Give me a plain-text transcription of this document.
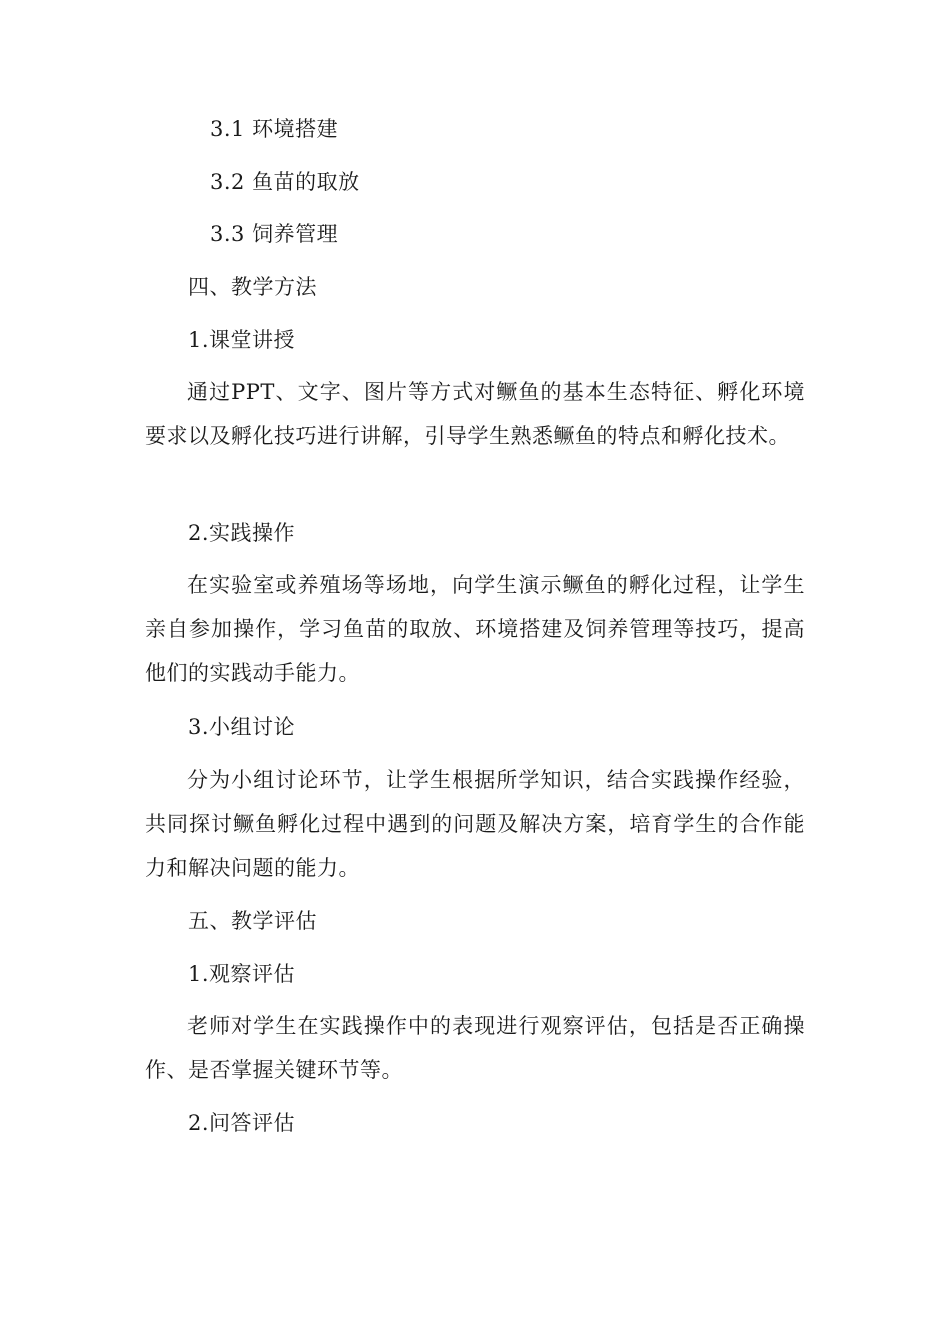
3.1 环境搭建
3.2 鱼苗的取放
3.3 饲养管理
四、教学方法
1.课堂讲授
通过PPT、文字、图片等方式对鳜鱼的基本生态特征、孵化环境要求以及孵化技巧进行讲解，引导学生熟悉鳜鱼的特点和孵化技术。
2.实践操作
在实验室或养殖场等场地，向学生演示鳜鱼的孵化过程，让学生亲自参加操作，学习鱼苗的取放、环境搭建及饲养管理等技巧，提高他们的实践动手能力。
3.小组讨论
分为小组讨论环节，让学生根据所学知识，结合实践操作经验，共同探讨鳜鱼孵化过程中遇到的问题及解决方案，培育学生的合作能力和解决问题的能力。
五、教学评估
1.观察评估
老师对学生在实践操作中的表现进行观察评估，包括是否正确操作、是否掌握关键环节等。
2.问答评估
